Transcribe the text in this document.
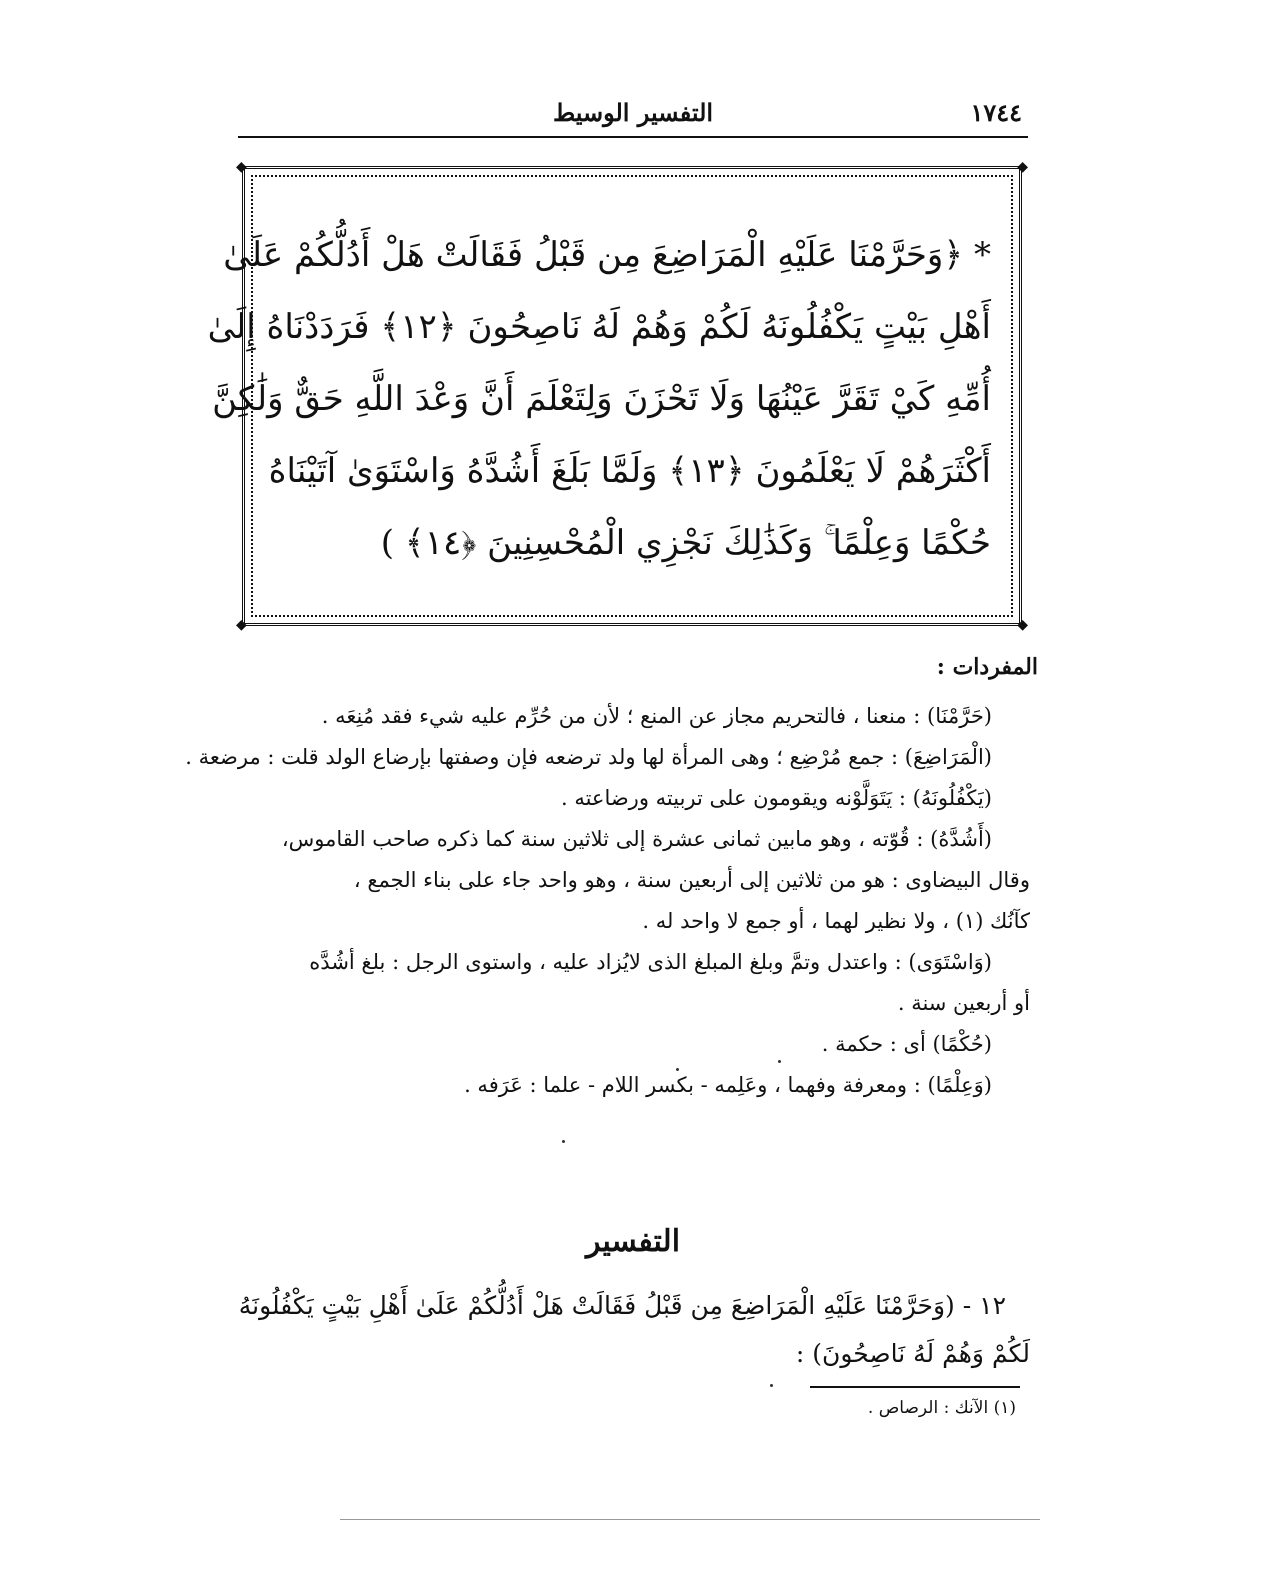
١٧٤٤
التفسير الوسيط
◆	◆
◆	◆
* ﴿وَحَرَّمْنَا عَلَيْهِ الْمَرَاضِعَ مِن قَبْلُ فَقَالَتْ هَلْ أَدُلُّكُمْ عَلَىٰ
أَهْلِ بَيْتٍ يَكْفُلُونَهُ لَكُمْ وَهُمْ لَهُ نَاصِحُونَ ﴿١٢﴾ فَرَدَدْنَاهُ إِلَىٰ
أُمِّهِ كَيْ تَقَرَّ عَيْنُهَا وَلَا تَحْزَنَ وَلِتَعْلَمَ أَنَّ وَعْدَ اللَّهِ حَقٌّ وَلَٰكِنَّ
أَكْثَرَهُمْ لَا يَعْلَمُونَ ﴿١٣﴾ وَلَمَّا بَلَغَ أَشُدَّهُ وَاسْتَوَىٰ آتَيْنَاهُ
حُكْمًا وَعِلْمًا ۚ وَكَذَٰلِكَ نَجْزِي الْمُحْسِنِينَ ﴿١٤﴾ )
المفردات :
(حَرَّمْنَا) : منعنا ، فالتحريم مجاز عن المنع ؛ لأن من حُرِّم عليه شيء فقد مُنِعَه .
(الْمَرَاضِعَ) : جمع مُرْضِع ؛ وهى المرأة لها ولد ترضعه فإن وصفتها بإرضاع الولد قلت : مرضعة .
(يَكْفُلُونَهُ) : يَتَوَلَّوْنه ويقومون على تربيته ورضاعته .
(أَشُدَّهُ) : قُوّته ، وهو مابين ثمانى عشرة إلى ثلاثين سنة كما ذكره صاحب القاموس،
وقال البيضاوى : هو من ثلاثين إلى أربعين سنة ، وهو واحد جاء على بناء الجمع ،
كآنُك (١) ، ولا نظير لهما ، أو جمع لا واحد له .
(وَاسْتَوَى) : واعتدل وتمَّ وبلغ المبلغ الذى لايُزاد عليه ، واستوى الرجل : بلغ أشُدَّه
أو أربعين سنة .
(حُكْمًا) أى : حكمة .
(وَعِلْمًا) : ومعرفة وفهما ، وعَلِمه - بكسر اللام - علما : عَرَفه .
التفسير
١٢ - (وَحَرَّمْنَا عَلَيْهِ الْمَرَاضِعَ مِن قَبْلُ فَقَالَتْ هَلْ أَدُلُّكُمْ عَلَىٰ أَهْلِ بَيْتٍ يَكْفُلُونَهُ
لَكُمْ وَهُمْ لَهُ نَاصِحُونَ) :
(١) الآنك : الرصاص .
